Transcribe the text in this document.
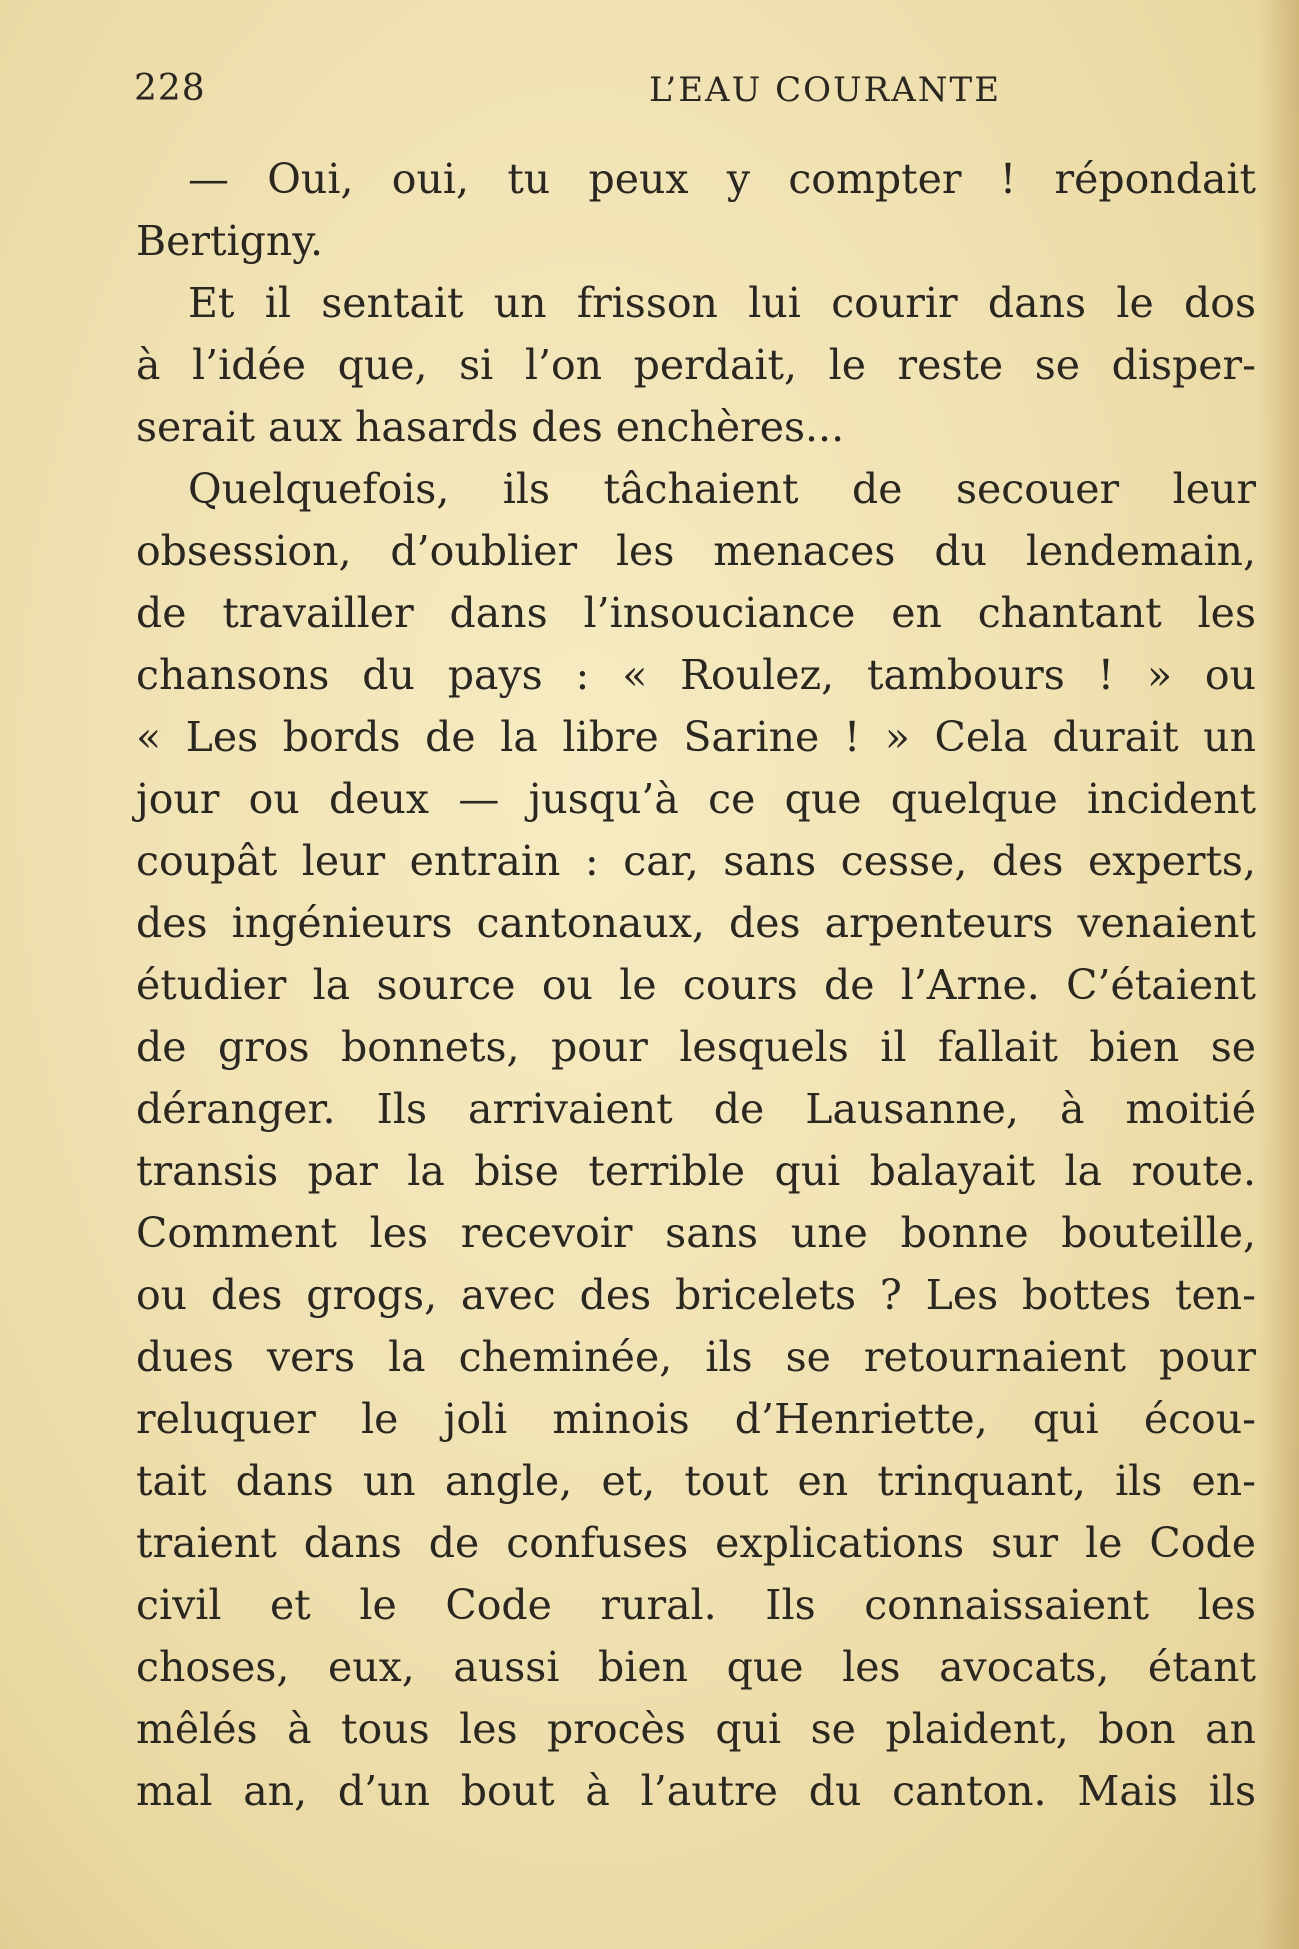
228	L’EAU COURANTE
— Oui, oui, tu peux y compter ! répondait
Bertigny.
Et il sentait un frisson lui courir dans le dos
à l’idée que, si l’on perdait, le reste se disper-
serait aux hasards des enchères...
Quelquefois, ils tâchaient de secouer leur
obsession, d’oublier les menaces du lendemain,
de travailler dans l’insouciance en chantant les
chansons du pays : « Roulez, tambours ! » ou
« Les bords de la libre Sarine ! » Cela durait un
jour ou deux — jusqu’à ce que quelque incident
coupât leur entrain : car, sans cesse, des experts,
des ingénieurs cantonaux, des arpenteurs venaient
étudier la source ou le cours de l’Arne. C’étaient
de gros bonnets, pour lesquels il fallait bien se
déranger. Ils arrivaient de Lausanne, à moitié
transis par la bise terrible qui balayait la route.
Comment les recevoir sans une bonne bouteille,
ou des grogs, avec des bricelets ? Les bottes ten-
dues vers la cheminée, ils se retournaient pour
reluquer le joli minois d’Henriette, qui écou-
tait dans un angle, et, tout en trinquant, ils en-
traient dans de confuses explications sur le Code
civil et le Code rural. Ils connaissaient les
choses, eux, aussi bien que les avocats, étant
mêlés à tous les procès qui se plaident, bon an
mal an, d’un bout à l’autre du canton. Mais ils
